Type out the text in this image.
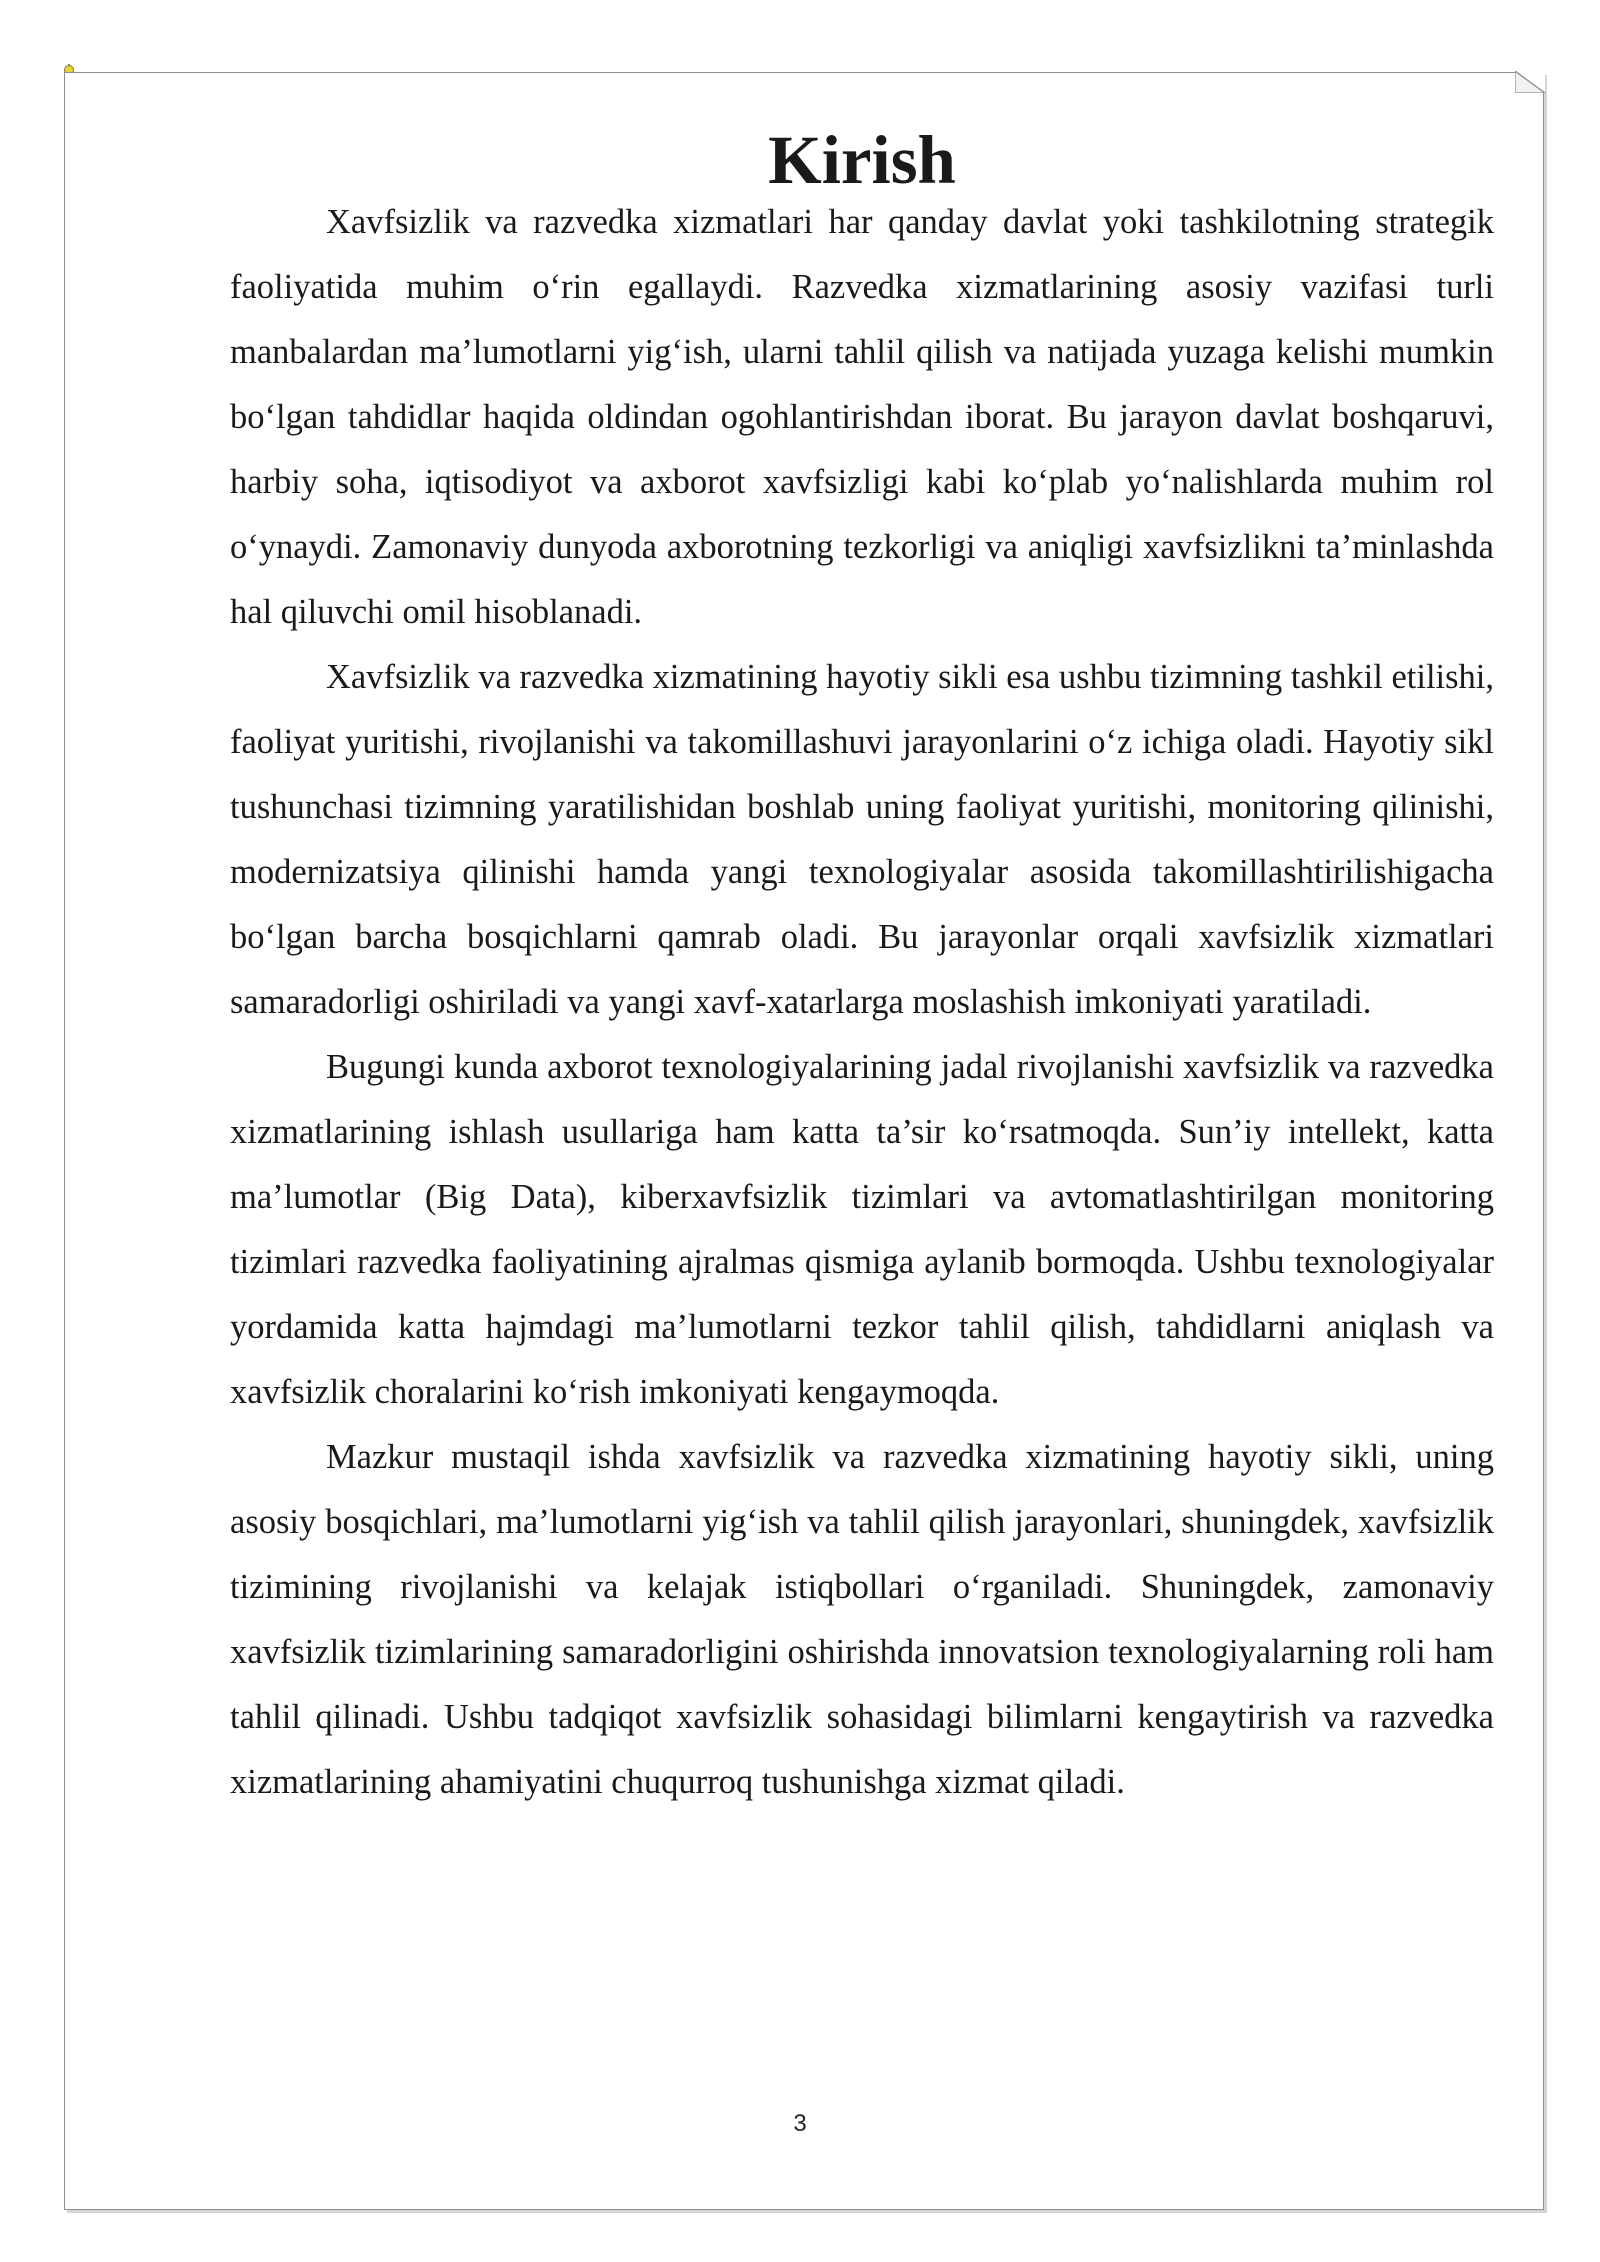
Kirish

Xavfsizlik va razvedka xizmatlari har qanday davlat yoki tashkilotning strategik faoliyatida muhim o‘rin egallaydi. Razvedka xizmatlarining asosiy vazifasi turli manbalardan ma’lumotlarni yig‘ish, ularni tahlil qilish va natijada yuzaga kelishi mumkin bo‘lgan tahdidlar haqida oldindan ogohlantirishdan iborat. Bu jarayon davlat boshqaruvi, harbiy soha, iqtisodiyot va axborot xavfsizligi kabi ko‘plab yo‘nalishlarda muhim rol o‘ynaydi. Zamonaviy dunyoda axborotning tezkorligi va aniqligi xavfsizlikni ta’minlashda hal qiluvchi omil hisoblanadi.

Xavfsizlik va razvedka xizmatining hayotiy sikli esa ushbu tizimning tashkil etilishi, faoliyat yuritishi, rivojlanishi va takomillashuvi jarayonlarini o‘z ichiga oladi. Hayotiy sikl tushunchasi tizimning yaratilishidan boshlab uning faoliyat yuritishi, monitoring qilinishi, modernizatsiya qilinishi hamda yangi texnologiyalar asosida takomillashtirilishigacha bo‘lgan barcha bosqichlarni qamrab oladi. Bu jarayonlar orqali xavfsizlik xizmatlari samaradorligi oshiriladi va yangi xavf-xatarlarga moslashish imkoniyati yaratiladi.

Bugungi kunda axborot texnologiyalarining jadal rivojlanishi xavfsizlik va razvedka xizmatlarining ishlash usullariga ham katta ta’sir ko‘rsatmoqda. Sun’iy intellekt, katta ma’lumotlar (Big Data), kiberxavfsizlik tizimlari va avtomatlashtirilgan monitoring tizimlari razvedka faoliyatining ajralmas qismiga aylanib bormoqda. Ushbu texnologiyalar yordamida katta hajmdagi ma’lumotlarni tezkor tahlil qilish, tahdidlarni aniqlash va xavfsizlik choralarini ko‘rish imkoniyati kengaymoqda.

Mazkur mustaqil ishda xavfsizlik va razvedka xizmatining hayotiy sikli, uning asosiy bosqichlari, ma’lumotlarni yig‘ish va tahlil qilish jarayonlari, shuningdek, xavfsizlik tizimining rivojlanishi va kelajak istiqbollari o‘rganiladi. Shuningdek, zamonaviy xavfsizlik tizimlarining samaradorligini oshirishda innovatsion texnologiyalarning roli ham tahlil qilinadi. Ushbu tadqiqot xavfsizlik sohasidagi bilimlarni kengaytirish va razvedka xizmatlarining ahamiyatini chuqurroq tushunishga xizmat qiladi.

3
